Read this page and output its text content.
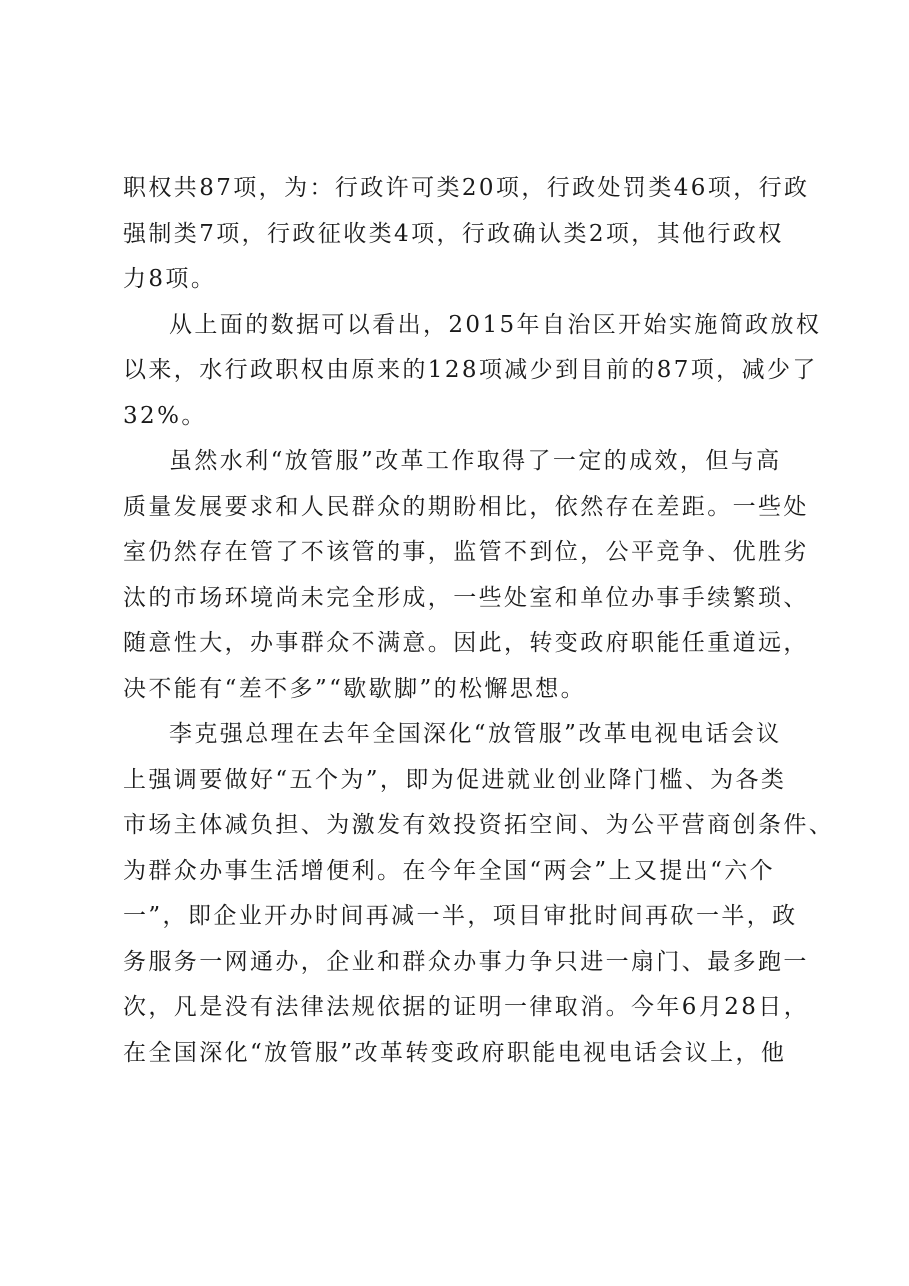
职权共87项，为：行政许可类20项，行政处罚类46项，行政
强制类7项，行政征收类4项，行政确认类2项，其他行政权
力8项。

从上面的数据可以看出，2015年自治区开始实施简政放权
以来，水行政职权由原来的128项减少到目前的87项，减少了
32%。

虽然水利“放管服”改革工作取得了一定的成效，但与高
质量发展要求和人民群众的期盼相比，依然存在差距。一些处
室仍然存在管了不该管的事，监管不到位，公平竞争、优胜劣
汰的市场环境尚未完全形成，一些处室和单位办事手续繁琐、
随意性大，办事群众不满意。因此，转变政府职能任重道远，
决不能有“差不多”“歇歇脚”的松懈思想。

李克强总理在去年全国深化“放管服”改革电视电话会议
上强调要做好“五个为”，即为促进就业创业降门槛、为各类
市场主体减负担、为激发有效投资拓空间、为公平营商创条件、
为群众办事生活增便利。在今年全国“两会”上又提出“六个
一”，即企业开办时间再减一半，项目审批时间再砍一半，政
务服务一网通办，企业和群众办事力争只进一扇门、最多跑一
次，凡是没有法律法规依据的证明一律取消。今年6月28日，
在全国深化“放管服”改革转变政府职能电视电话会议上，他
